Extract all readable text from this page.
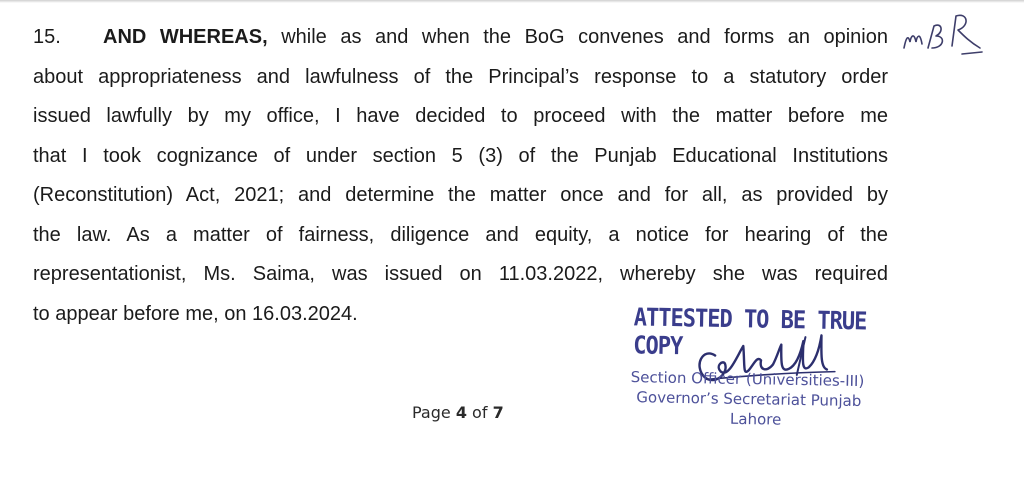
15. AND WHEREAS, while as and when the BoG convenes and forms an opinion
about appropriateness and lawfulness of the Principal’s response to a statutory order
issued lawfully by my office, I have decided to proceed with the matter before me
that I took cognizance of under section 5 (3) of the Punjab Educational Institutions
(Reconstitution) Act, 2021; and determine the matter once and for all, as provided by
the law. As a matter of fairness, diligence and equity, a notice for hearing of the
representationist, Ms. Saima, was issued on 11.03.2022, whereby she was required
to appear before me, on 16.03.2024.
Page 4 of 7
ATTESTED TO BE TRUE COPY
Section Officer (Universities-III)
Governor’s Secretariat Punjab
Lahore
